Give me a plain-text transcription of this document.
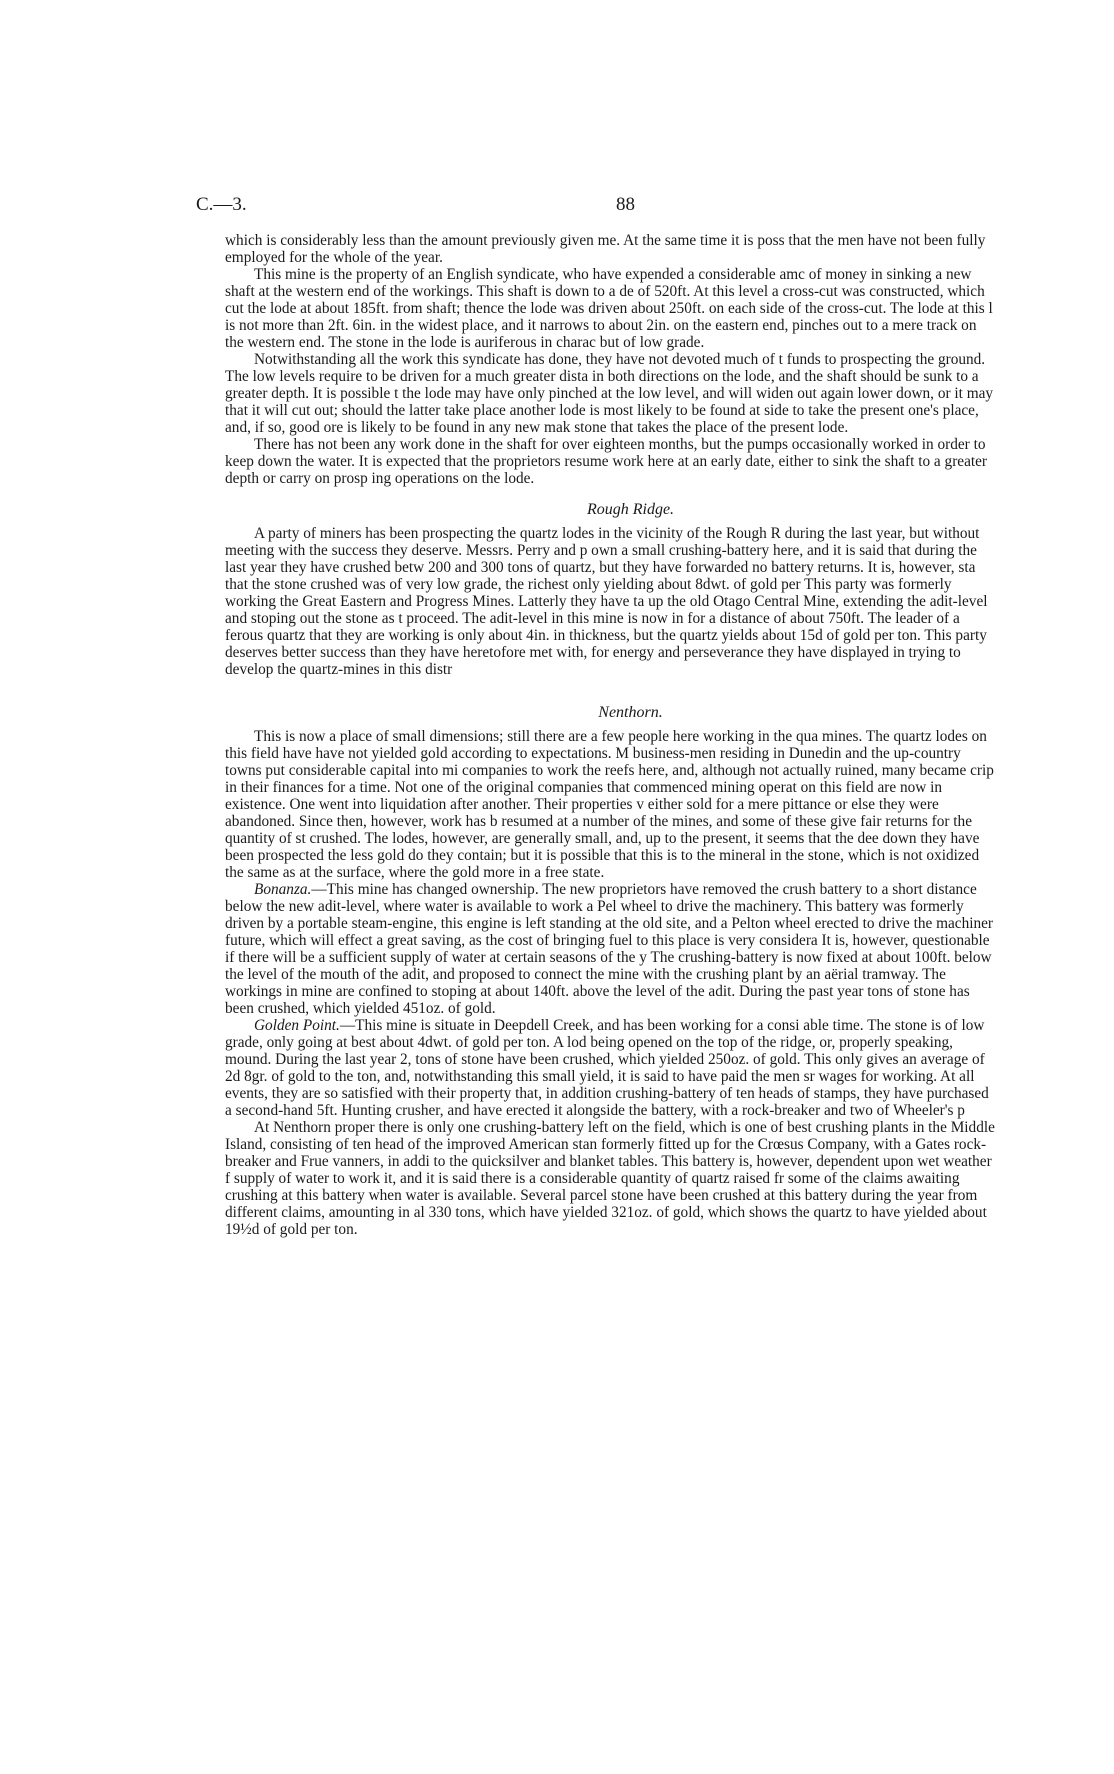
C.—3.	88

which is considerably less than the amount previously given me. At the same time it is poss that the men have not been fully employed for the whole of the year.

This mine is the property of an English syndicate, who have expended a considerable amc of money in sinking a new shaft at the western end of the workings. This shaft is down to a de of 520ft. At this level a cross-cut was constructed, which cut the lode at about 185ft. from shaft; thence the lode was driven about 250ft. on each side of the cross-cut. The lode at this l is not more than 2ft. 6in. in the widest place, and it narrows to about 2in. on the eastern end, pinches out to a mere track on the western end. The stone in the lode is auriferous in charac but of low grade.

Notwithstanding all the work this syndicate has done, they have not devoted much of t funds to prospecting the ground. The low levels require to be driven for a much greater dista in both directions on the lode, and the shaft should be sunk to a greater depth. It is possible t the lode may have only pinched at the low level, and will widen out again lower down, or it may that it will cut out; should the latter take place another lode is most likely to be found at side to take the present one's place, and, if so, good ore is likely to be found in any new mak stone that takes the place of the present lode.

There has not been any work done in the shaft for over eighteen months, but the pumps occasionally worked in order to keep down the water. It is expected that the proprietors resume work here at an early date, either to sink the shaft to a greater depth or carry on prosp ing operations on the lode.

Rough Ridge.

A party of miners has been prospecting the quartz lodes in the vicinity of the Rough R during the last year, but without meeting with the success they deserve. Messrs. Perry and p own a small crushing-battery here, and it is said that during the last year they have crushed betw 200 and 300 tons of quartz, but they have forwarded no battery returns. It is, however, sta that the stone crushed was of very low grade, the richest only yielding about 8dwt. of gold per This party was formerly working the Great Eastern and Progress Mines. Latterly they have ta up the old Otago Central Mine, extending the adit-level and stoping out the stone as t proceed. The adit-level in this mine is now in for a distance of about 750ft. The leader of a ferous quartz that they are working is only about 4in. in thickness, but the quartz yields about 15d of gold per ton. This party deserves better success than they have heretofore met with, for energy and perseverance they have displayed in trying to develop the quartz-mines in this distr

Nenthorn.

This is now a place of small dimensions; still there are a few people here working in the qua mines. The quartz lodes on this field have have not yielded gold according to expectations. M business-men residing in Dunedin and the up-country towns put considerable capital into mi companies to work the reefs here, and, although not actually ruined, many became crip in their finances for a time. Not one of the original companies that commenced mining operat on this field are now in existence. One went into liquidation after another. Their properties v either sold for a mere pittance or else they were abandoned. Since then, however, work has b resumed at a number of the mines, and some of these give fair returns for the quantity of st crushed. The lodes, however, are generally small, and, up to the present, it seems that the dee down they have been prospected the less gold do they contain; but it is possible that this is to the mineral in the stone, which is not oxidized the same as at the surface, where the gold more in a free state.

Bonanza.—This mine has changed ownership. The new proprietors have removed the crush battery to a short distance below the new adit-level, where water is available to work a Pel wheel to drive the machinery. This battery was formerly driven by a portable steam-engine, this engine is left standing at the old site, and a Pelton wheel erected to drive the machiner future, which will effect a great saving, as the cost of bringing fuel to this place is very considera It is, however, questionable if there will be a sufficient supply of water at certain seasons of the y The crushing-battery is now fixed at about 100ft. below the level of the mouth of the adit, and proposed to connect the mine with the crushing plant by an aërial tramway. The workings in mine are confined to stoping at about 140ft. above the level of the adit. During the past year tons of stone has been crushed, which yielded 451oz. of gold.

Golden Point.—This mine is situate in Deepdell Creek, and has been working for a consi able time. The stone is of low grade, only going at best about 4dwt. of gold per ton. A lod being opened on the top of the ridge, or, properly speaking, mound. During the last year 2, tons of stone have been crushed, which yielded 250oz. of gold. This only gives an average of 2d 8gr. of gold to the ton, and, notwithstanding this small yield, it is said to have paid the men sr wages for working. At all events, they are so satisfied with their property that, in addition crushing-battery of ten heads of stamps, they have purchased a second-hand 5ft. Hunting crusher, and have erected it alongside the battery, with a rock-breaker and two of Wheeler's p

At Nenthorn proper there is only one crushing-battery left on the field, which is one of best crushing plants in the Middle Island, consisting of ten head of the improved American stan formerly fitted up for the Crœsus Company, with a Gates rock-breaker and Frue vanners, in addi to the quicksilver and blanket tables. This battery is, however, dependent upon wet weather f supply of water to work it, and it is said there is a considerable quantity of quartz raised fr some of the claims awaiting crushing at this battery when water is available. Several parcel stone have been crushed at this battery during the year from different claims, amounting in al 330 tons, which have yielded 321oz. of gold, which shows the quartz to have yielded about 19½d of gold per ton.
